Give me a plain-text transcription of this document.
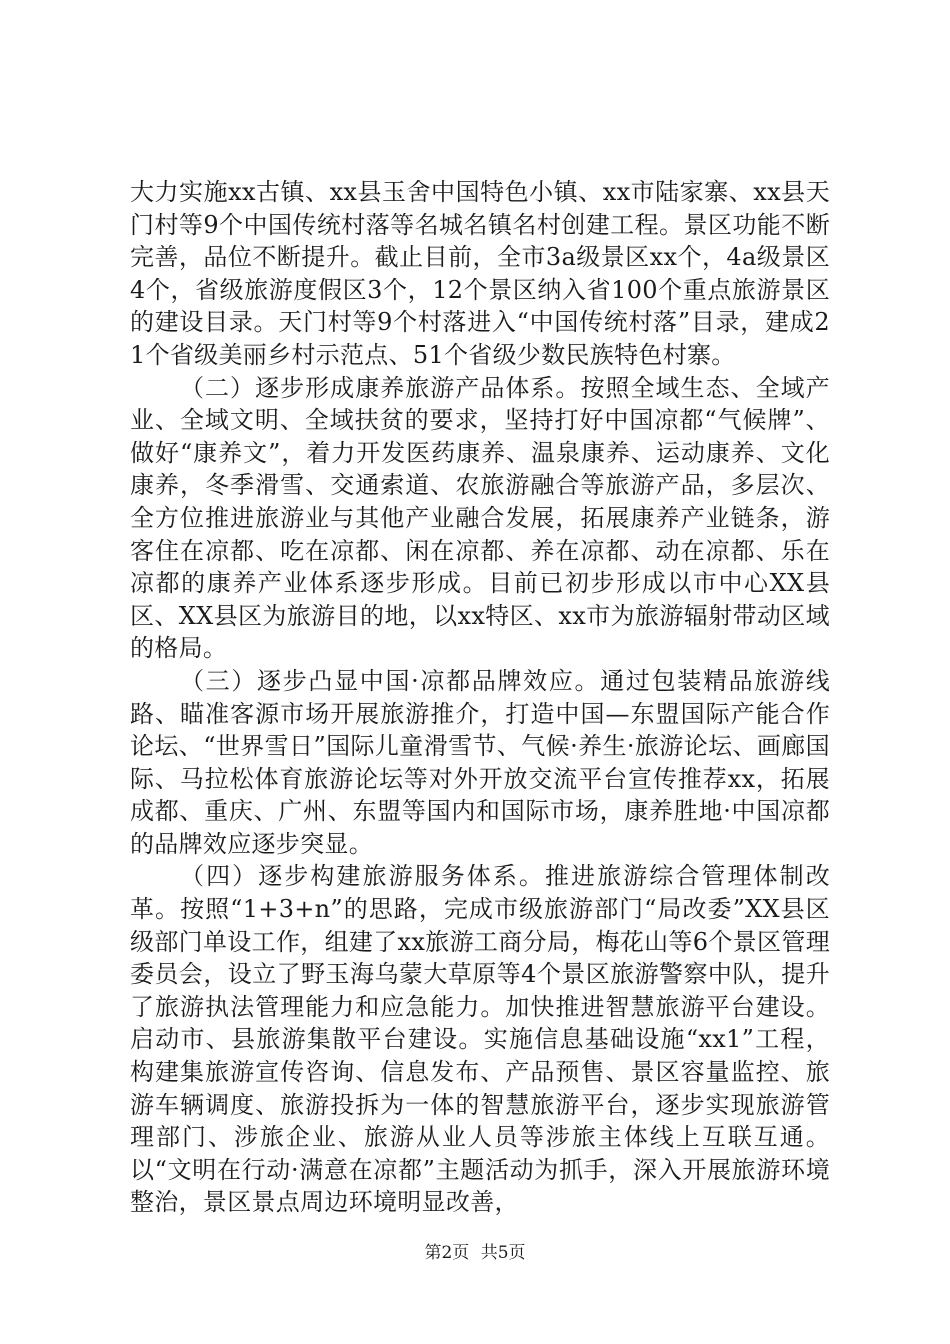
大力实施xx古镇、xx县玉舍中国特色小镇、xx市陆家寨、xx县天门村等9个中国传统村落等名城名镇名村创建工程。景区功能不断完善，品位不断提升。截止目前，全市3a级景区xx个，4a级景区4个，省级旅游度假区3个，12个景区纳入省100个重点旅游景区的建设目录。天门村等9个村落进入“中国传统村落”目录，建成21个省级美丽乡村示范点、51个省级少数民族特色村寨。

（二）逐步形成康养旅游产品体系。按照全域生态、全域产业、全域文明、全域扶贫的要求，坚持打好中国凉都“气候牌”、做好“康养文”，着力开发医药康养、温泉康养、运动康养、文化康养，冬季滑雪、交通索道、农旅游融合等旅游产品，多层次、全方位推进旅游业与其他产业融合发展，拓展康养产业链条，游客住在凉都、吃在凉都、闲在凉都、养在凉都、动在凉都、乐在凉都的康养产业体系逐步形成。目前已初步形成以市中心XX县区、XX县区为旅游目的地，以xx特区、xx市为旅游辐射带动区域的格局。

（三）逐步凸显中国·凉都品牌效应。通过包装精品旅游线路、瞄准客源市场开展旅游推介，打造中国—东盟国际产能合作论坛、“世界雪日”国际儿童滑雪节、气候·养生·旅游论坛、画廊国际、马拉松体育旅游论坛等对外开放交流平台宣传推荐xx，拓展成都、重庆、广州、东盟等国内和国际市场，康养胜地·中国凉都的品牌效应逐步突显。

（四）逐步构建旅游服务体系。推进旅游综合管理体制改革。按照“1+3+n”的思路，完成市级旅游部门“局改委”XX县区级部门单设工作，组建了xx旅游工商分局，梅花山等6个景区管理委员会，设立了野玉海乌蒙大草原等4个景区旅游警察中队，提升了旅游执法管理能力和应急能力。加快推进智慧旅游平台建设。启动市、县旅游集散平台建设。实施信息基础设施“xx1”工程，构建集旅游宣传咨询、信息发布、产品预售、景区容量监控、旅游车辆调度、旅游投拆为一体的智慧旅游平台，逐步实现旅游管理部门、涉旅企业、旅游从业人员等涉旅主体线上互联互通。以“文明在行动·满意在凉都”主题活动为抓手，深入开展旅游环境整治，景区景点周边环境明显改善，

第2页 共5页
